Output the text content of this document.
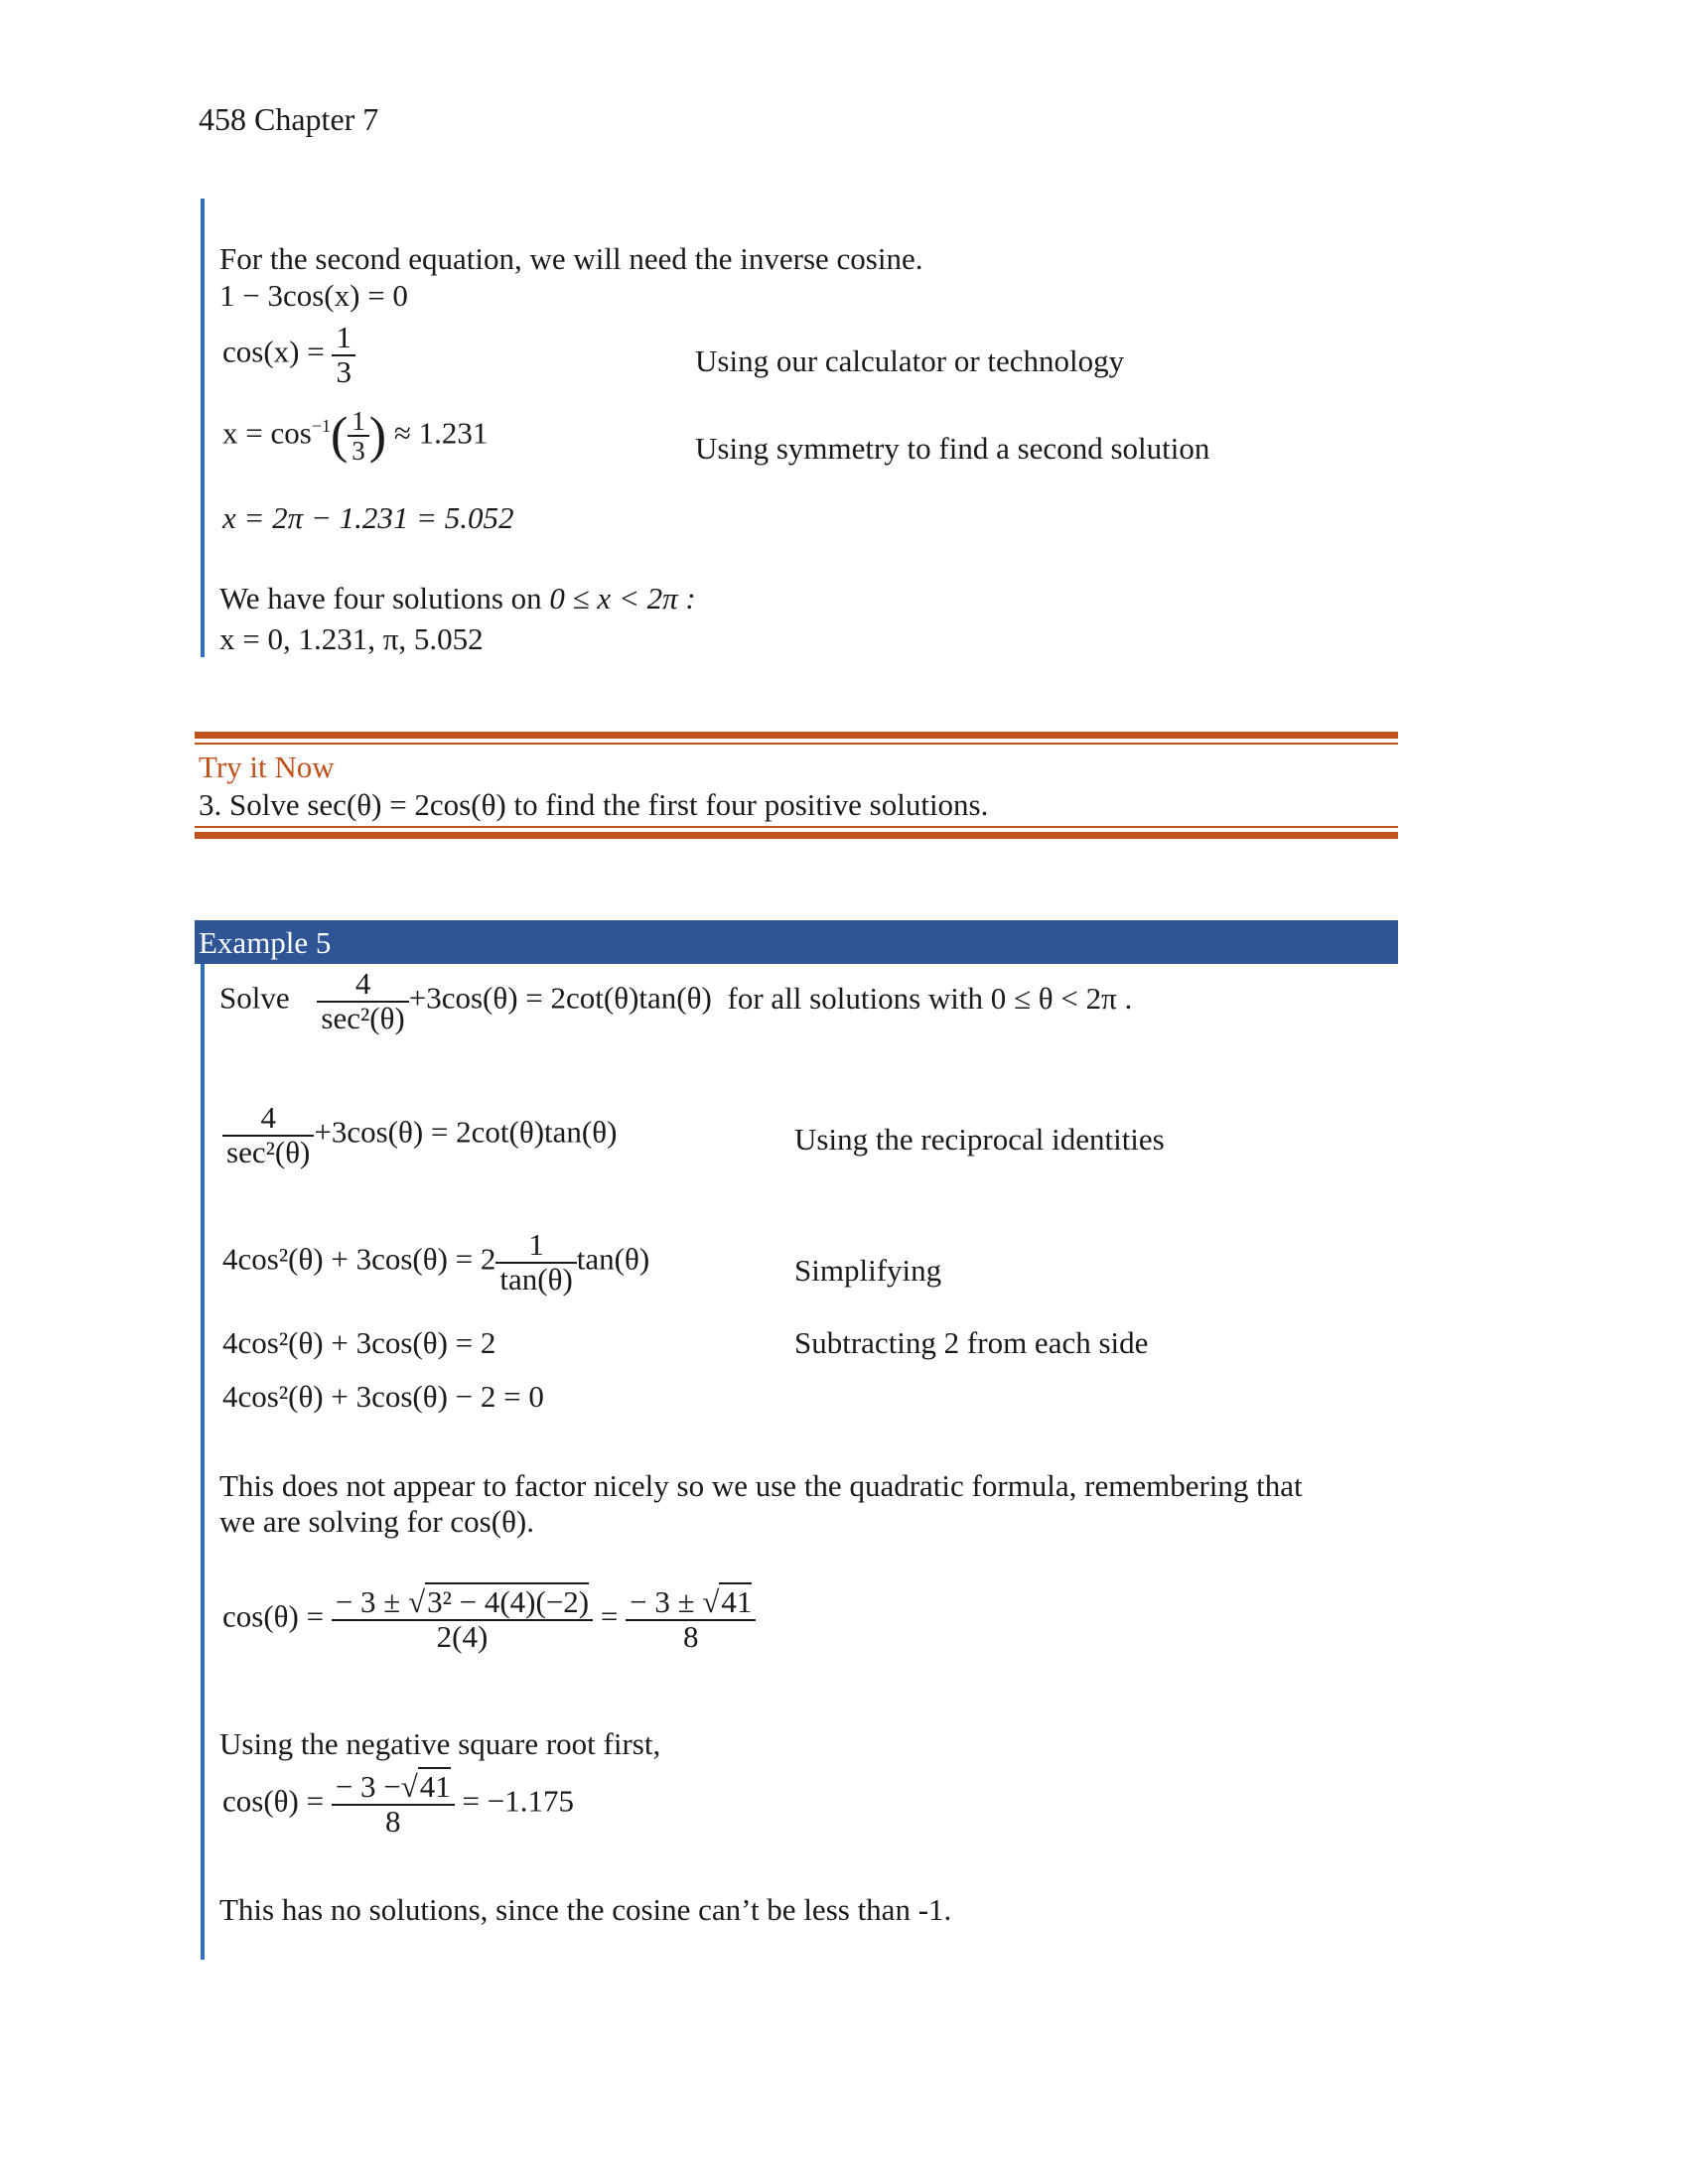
458 Chapter 7
For the second equation, we will need the inverse cosine.
1 − 3cos(x) = 0
$\cos(x) = \frac{1}{3}$	Using our calculator or technology
$x = \cos^{-1}( \frac{1}{3}$ ) ≈ 1.231	Using symmetry to find a second solution
x = 2π − 1.231 = 5.052
We have four solutions on 0 ≤ x < 2π :
x = 0, 1.231, π, 5.052
Try it Now
3. Solve sec(θ) = 2cos(θ) to find the first four positive solutions.
Example 5
Solve $\frac{4}{\text{sec²(θ)}} +3\cos(\theta) = 2\cot(\theta)\tan(\theta)$ for all solutions with 0 ≤ θ < 2π .
$\frac{4}{\text{sec²(θ)}} +3\cos(\theta) = 2\cot(\theta)\tan(\theta)$	Using the reciprocal identities
$4\cos^2(\theta) + 3\cos(\theta) = 2 \frac{1}{\tan(\theta)} \tan(\theta)$	Simplifying
4cos²(θ) + 3cos(θ) = 2	Subtracting 2 from each side
4cos²(θ) + 3cos(θ) − 2 = 0
This does not appear to factor nicely so we use the quadratic formula, remembering that
we are solving for cos(θ).
$\cos(\theta) = \frac{\text{− 3 ± √3² − 4(4)(−2)}}{2(4)} = \frac{- 3 \pm √41}{8}$
Using the negative square root first,
$\cos(\theta) = \frac{- 3 -√41}{8} = -1.175$
This has no solutions, since the cosine can’t be less than -1.
